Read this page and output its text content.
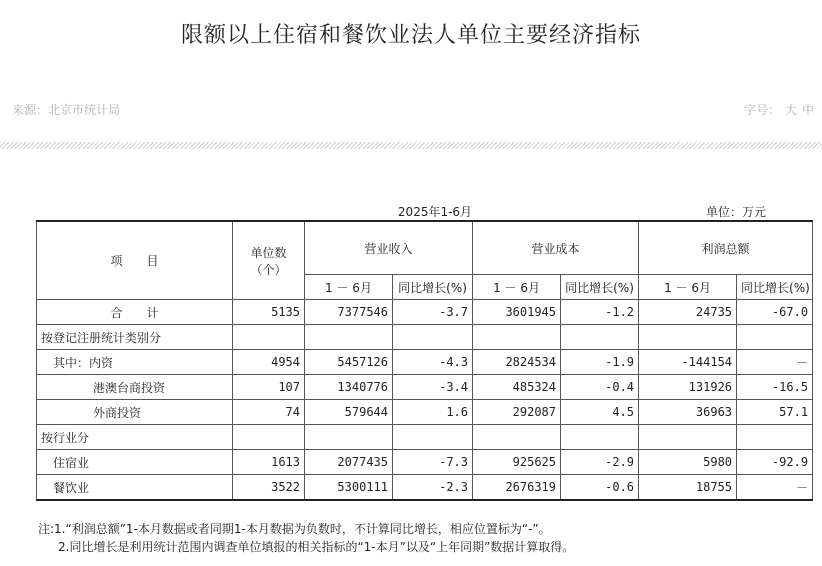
限额以上住宿和餐饮业法人单位主要经济指标
来源：北京市统计局	字号： 大 中
2025年1-6月	单位：万元
项　　目	单位数
（个）	营业收入		营业成本		利润总额	
		1 － 6月	同比增长(%)	1 － 6月	同比增长(%)	1 － 6月	同比增长(%)
合　　计	5135	7377546	-3.7	3601945	-1.2	24735	-67.0
按登记注册统计类别分							
其中：内资	4954	5457126	-4.3	2824534	-1.9	-144154	－
港澳台商投资	107	1340776	-3.4	485324	-0.4	131926	-16.5
外商投资	74	579644	1.6	292087	4.5	36963	57.1
按行业分							
住宿业	1613	2077435	-7.3	925625	-2.9	5980	-92.9
餐饮业	3522	5300111	-2.3	2676319	-0.6	18755	－
注:1.“利润总额”1-本月数据或者同期1-本月数据为负数时，不计算同比增长，相应位置标为“-”。
2.同比增长是利用统计范围内调查单位填报的相关指标的“1-本月”以及“上年同期”数据计算取得。
